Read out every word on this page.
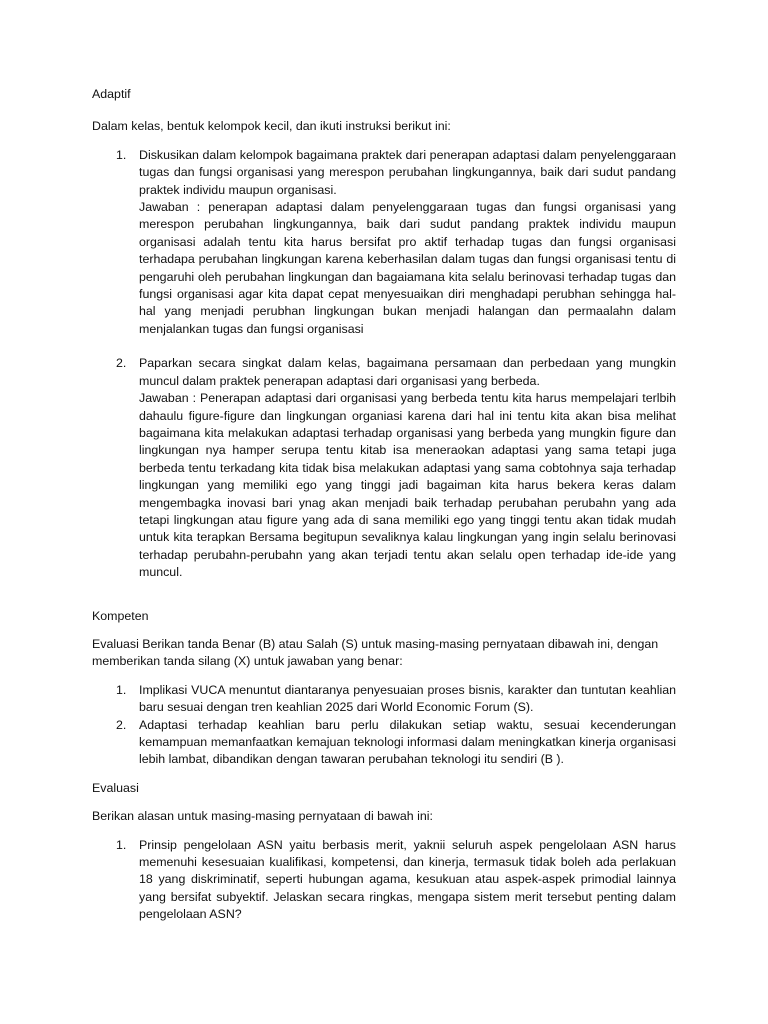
Adaptif

Dalam kelas, bentuk kelompok kecil, dan ikuti instruksi berikut ini:

1. Diskusikan dalam kelompok bagaimana praktek dari penerapan adaptasi dalam penyelenggaraan tugas dan fungsi organisasi yang merespon perubahan lingkungannya, baik dari sudut pandang praktek individu maupun organisasi.
Jawaban : penerapan adaptasi dalam penyelenggaraan tugas dan fungsi organisasi yang merespon perubahan lingkungannya, baik dari sudut pandang praktek individu maupun organisasi adalah tentu kita harus bersifat pro aktif terhadap tugas dan fungsi organisasi terhadapa perubahan lingkungan karena keberhasilan dalam tugas dan fungsi organisasi tentu di pengaruhi oleh perubahan lingkungan dan bagaiamana kita selalu berinovasi terhadap tugas dan fungsi organisasi agar kita dapat cepat menyesuaikan diri menghadapi perubhan sehingga hal-hal yang menjadi perubhan lingkungan bukan menjadi halangan dan permaalahn dalam menjalankan tugas dan fungsi organisasi
2. Paparkan secara singkat dalam kelas, bagaimana persamaan dan perbedaan yang mungkin muncul dalam praktek penerapan adaptasi dari organisasi yang berbeda.
Jawaban : Penerapan adaptasi dari organisasi yang berbeda tentu kita harus mempelajari terlbih dahaulu figure-figure dan lingkungan organiasi karena dari hal ini tentu kita akan bisa melihat bagaimana kita melakukan adaptasi terhadap organisasi yang berbeda yang mungkin figure dan lingkungan nya hamper serupa tentu kitab isa meneraokan adaptasi yang sama tetapi juga berbeda tentu terkadang kita tidak bisa melakukan adaptasi yang sama cobtohnya saja terhadap lingkungan yang memiliki ego yang tinggi jadi bagaiman kita harus bekera keras dalam mengembagka inovasi bari ynag akan menjadi baik terhadap perubahan perubahn yang ada tetapi lingkungan atau figure yang ada di sana memiliki ego yang tinggi tentu akan tidak mudah untuk kita terapkan Bersama begitupun sevaliknya kalau lingkungan yang ingin selalu berinovasi terhadap perubahn-perubahn yang akan terjadi tentu akan selalu open terhadap ide-ide yang muncul.

Kompeten

Evaluasi Berikan tanda Benar (B) atau Salah (S) untuk masing-masing pernyataan dibawah ini, dengan memberikan tanda silang (X) untuk jawaban yang benar:

1. Implikasi VUCA menuntut diantaranya penyesuaian proses bisnis, karakter dan tuntutan keahlian baru sesuai dengan tren keahlian 2025 dari World Economic Forum (S).
2. Adaptasi terhadap keahlian baru perlu dilakukan setiap waktu, sesuai kecenderungan kemampuan memanfaatkan kemajuan teknologi informasi dalam meningkatkan kinerja organisasi lebih lambat, dibandikan dengan tawaran perubahan teknologi itu sendiri (B ).

Evaluasi

Berikan alasan untuk masing-masing pernyataan di bawah ini:

1. Prinsip pengelolaan ASN yaitu berbasis merit, yaknii seluruh aspek pengelolaan ASN harus memenuhi kesesuaian kualifikasi, kompetensi, dan kinerja, termasuk tidak boleh ada perlakuan 18 yang diskriminatif, seperti hubungan agama, kesukuan atau aspek-aspek primodial lainnya yang bersifat subyektif. Jelaskan secara ringkas, mengapa sistem merit tersebut penting dalam pengelolaan ASN?
